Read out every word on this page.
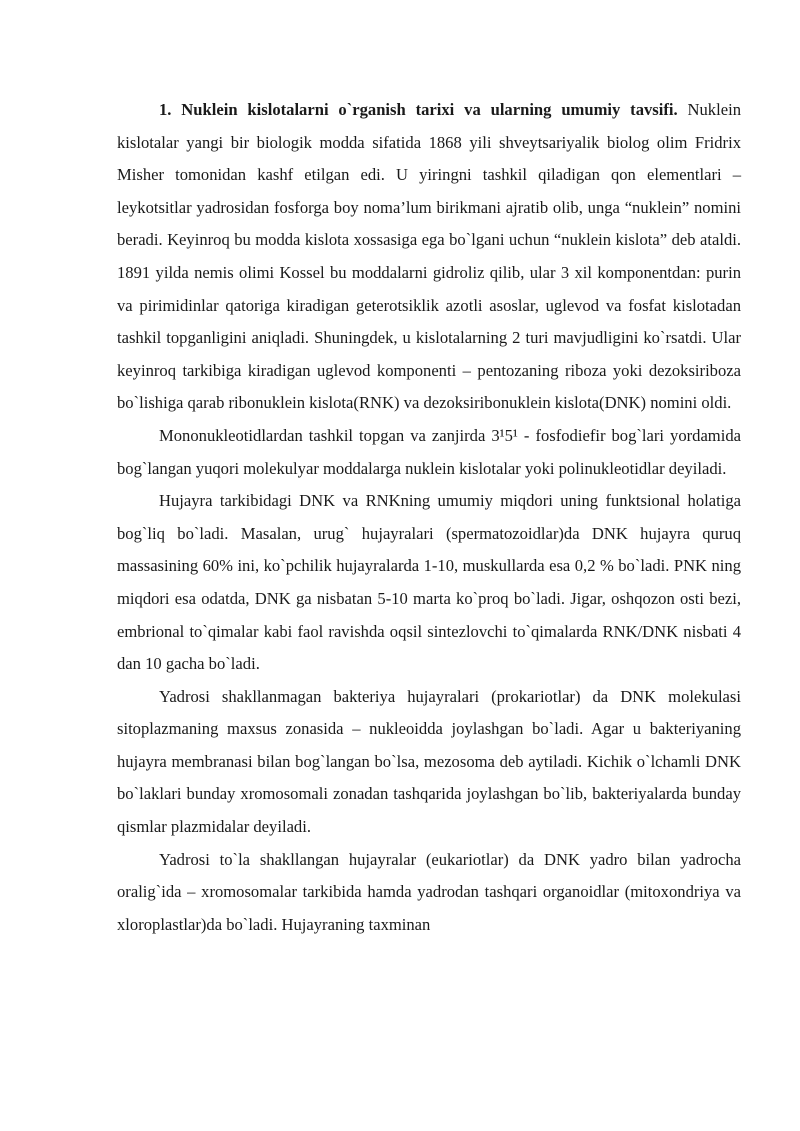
1. Nuklein kislotalarni o`rganish tarixi va ularning umumiy tavsifi. Nuklein kislotalar yangi bir biologik modda sifatida 1868 yili shveytsariyalik biolog olim Fridrix Misher tomonidan kashf etilgan edi. U yiringni tashkil qiladigan qon elementlari – leykotsitlar yadrosidan fosforga boy noma’lum birikmani ajratib olib, unga “nuklein” nomini beradi. Keyinroq bu modda kislota xossasiga ega bo`lgani uchun “nuklein kislota” deb ataldi. 1891 yilda nemis olimi Kossel bu moddalarni gidroliz qilib, ular 3 xil komponentdan: purin va pirimidinlar qatoriga kiradigan geterotsiklik azotli asoslar, uglevod va fosfat kislotadan tashkil topganligini aniqladi. Shuningdek, u kislotalarning 2 turi mavjudligini ko`rsatdi. Ular keyinroq tarkibiga kiradigan uglevod komponenti – pentozaning riboza yoki dezoksiriboza bo`lishiga qarab ribonuklein kislota(RNK) va dezoksiribonuklein kislota(DNK) nomini oldi.

Mononukleotidlardan tashkil topgan va zanjirda 3¹5¹ - fosfodiefir bog`lari yordamida bog`langan yuqori molekulyar moddalarga nuklein kislotalar yoki polinukleotidlar deyiladi.

Hujayra tarkibidagi DNK va RNKning umumiy miqdori uning funktsional holatiga bog`liq bo`ladi. Masalan, urug` hujayralari (spermatozoidlar)da DNK hujayra quruq massasining 60% ini, ko`pchilik hujayralarda 1-10, muskullarda esa 0,2 % bo`ladi. PNK ning miqdori esa odatda, DNK ga nisbatan 5-10 marta ko`proq bo`ladi. Jigar, oshqozon osti bezi, embrional to`qimalar kabi faol ravishda oqsil sintezlovchi to`qimalarda RNK/DNK nisbati 4 dan 10 gacha bo`ladi.

Yadrosi shakllanmagan bakteriya hujayralari (prokariotlar) da DNK molekulasi sitoplazmaning maxsus zonasida – nukleoidda joylashgan bo`ladi. Agar u bakteriyaning hujayra membranasi bilan bog`langan bo`lsa, mezosoma deb aytiladi. Kichik o`lchamli DNK bo`laklari bunday xromosomali zonadan tashqarida joylashgan bo`lib, bakteriyalarda bunday qismlar plazmidalar deyiladi.

Yadrosi to`la shakllangan hujayralar (eukariotlar) da DNK yadro bilan yadrocha oralig`ida – xromosomalar tarkibida hamda yadrodan tashqari organoidlar (mitoxondriya va xloroplastlar)da bo`ladi. Hujayraning taxminan
